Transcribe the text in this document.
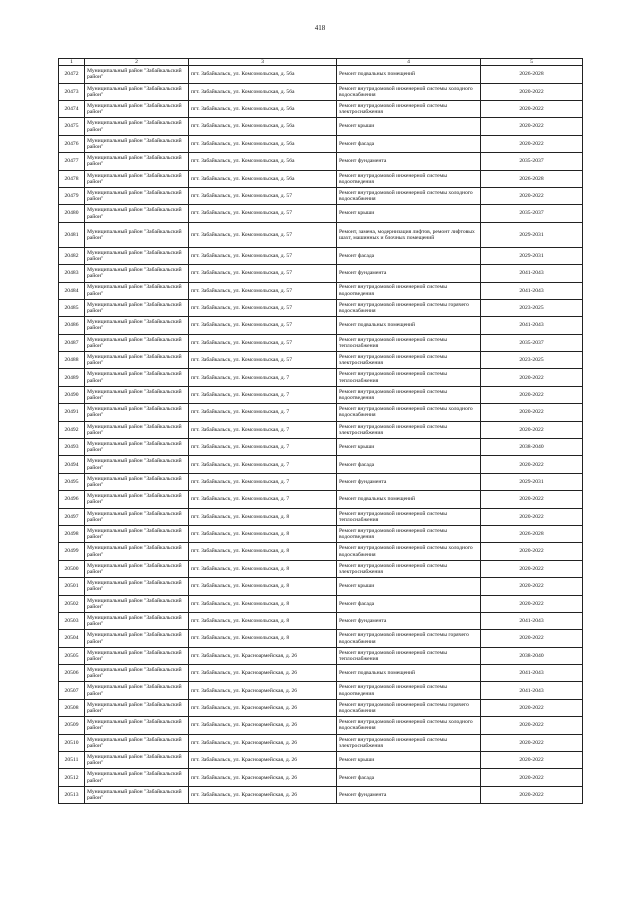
418
1	2	3	4	5
20472	Муниципальный район "Забайкальский район"	пгт. Забайкальск, ул. Комсомольская, д. 56а	Ремонт подвальных помещений	2026-2028
20473	Муниципальный район "Забайкальский район"	пгт. Забайкальск, ул. Комсомольская, д. 56а	Ремонт внутридомовой инженерной системы холодного водоснабжения	2020-2022
20474	Муниципальный район "Забайкальский район"	пгт. Забайкальск, ул. Комсомольская, д. 56а	Ремонт внутридомовой инженерной системы электроснабжения	2020-2022
20475	Муниципальный район "Забайкальский район"	пгт. Забайкальск, ул. Комсомольская, д. 56а	Ремонт крыши	2020-2022
20476	Муниципальный район "Забайкальский район"	пгт. Забайкальск, ул. Комсомольская, д. 56а	Ремонт фасада	2020-2022
20477	Муниципальный район "Забайкальский район"	пгт. Забайкальск, ул. Комсомольская, д. 56а	Ремонт фундамента	2035-2037
20478	Муниципальный район "Забайкальский район"	пгт. Забайкальск, ул. Комсомольская, д. 56а	Ремонт внутридомовой инженерной системы водоотведения	2026-2028
20479	Муниципальный район "Забайкальский район"	пгт. Забайкальск, ул. Комсомольская, д. 57	Ремонт внутридомовой инженерной системы холодного водоснабжения	2020-2022
20480	Муниципальный район "Забайкальский район"	пгт. Забайкальск, ул. Комсомольская, д. 57	Ремонт крыши	2035-2037
20481	Муниципальный район "Забайкальский район"	пгт. Забайкальск, ул. Комсомольская, д. 57	Ремонт, замена, модернизация лифтов, ремонт лифтовых шахт, машинных и блочных помещений	2029-2031
20482	Муниципальный район "Забайкальский район"	пгт. Забайкальск, ул. Комсомольская, д. 57	Ремонт фасада	2029-2031
20483	Муниципальный район "Забайкальский район"	пгт. Забайкальск, ул. Комсомольская, д. 57	Ремонт фундамента	2041-2043
20484	Муниципальный район "Забайкальский район"	пгт. Забайкальск, ул. Комсомольская, д. 57	Ремонт внутридомовой инженерной системы водоотведения	2041-2043
20485	Муниципальный район "Забайкальский район"	пгт. Забайкальск, ул. Комсомольская, д. 57	Ремонт внутридомовой инженерной системы горячего водоснабжения	2023-2025
20486	Муниципальный район "Забайкальский район"	пгт. Забайкальск, ул. Комсомольская, д. 57	Ремонт подвальных помещений	2041-2043
20487	Муниципальный район "Забайкальский район"	пгт. Забайкальск, ул. Комсомольская, д. 57	Ремонт внутридомовой инженерной системы теплоснабжения	2035-2037
20488	Муниципальный район "Забайкальский район"	пгт. Забайкальск, ул. Комсомольская, д. 57	Ремонт внутридомовой инженерной системы электроснабжения	2023-2025
20489	Муниципальный район "Забайкальский район"	пгт. Забайкальск, ул. Комсомольская, д. 7	Ремонт внутридомовой инженерной системы теплоснабжения	2020-2022
20490	Муниципальный район "Забайкальский район"	пгт. Забайкальск, ул. Комсомольская, д. 7	Ремонт внутридомовой инженерной системы водоотведения	2020-2022
20491	Муниципальный район "Забайкальский район"	пгт. Забайкальск, ул. Комсомольская, д. 7	Ремонт внутридомовой инженерной системы холодного водоснабжения	2020-2022
20492	Муниципальный район "Забайкальский район"	пгт. Забайкальск, ул. Комсомольская, д. 7	Ремонт внутридомовой инженерной системы электроснабжения	2020-2022
20493	Муниципальный район "Забайкальский район"	пгт. Забайкальск, ул. Комсомольская, д. 7	Ремонт крыши	2038-2040
20494	Муниципальный район "Забайкальский район"	пгт. Забайкальск, ул. Комсомольская, д. 7	Ремонт фасада	2020-2022
20495	Муниципальный район "Забайкальский район"	пгт. Забайкальск, ул. Комсомольская, д. 7	Ремонт фундамента	2029-2031
20496	Муниципальный район "Забайкальский район"	пгт. Забайкальск, ул. Комсомольская, д. 7	Ремонт подвальных помещений	2020-2022
20497	Муниципальный район "Забайкальский район"	пгт. Забайкальск, ул. Комсомольская, д. 8	Ремонт внутридомовой инженерной системы теплоснабжения	2020-2022
20498	Муниципальный район "Забайкальский район"	пгт. Забайкальск, ул. Комсомольская, д. 8	Ремонт внутридомовой инженерной системы водоотведения	2026-2028
20499	Муниципальный район "Забайкальский район"	пгт. Забайкальск, ул. Комсомольская, д. 8	Ремонт внутридомовой инженерной системы холодного водоснабжения	2020-2022
20500	Муниципальный район "Забайкальский район"	пгт. Забайкальск, ул. Комсомольская, д. 8	Ремонт внутридомовой инженерной системы электроснабжения	2020-2022
20501	Муниципальный район "Забайкальский район"	пгт. Забайкальск, ул. Комсомольская, д. 8	Ремонт крыши	2020-2022
20502	Муниципальный район "Забайкальский район"	пгт. Забайкальск, ул. Комсомольская, д. 8	Ремонт фасада	2020-2022
20503	Муниципальный район "Забайкальский район"	пгт. Забайкальск, ул. Комсомольская, д. 8	Ремонт фундамента	2041-2043
20504	Муниципальный район "Забайкальский район"	пгт. Забайкальск, ул. Комсомольская, д. 8	Ремонт внутридомовой инженерной системы горячего водоснабжения	2020-2022
20505	Муниципальный район "Забайкальский район"	пгт. Забайкальск, ул. Красноармейская, д. 26	Ремонт внутридомовой инженерной системы теплоснабжения	2038-2040
20506	Муниципальный район "Забайкальский район"	пгт. Забайкальск, ул. Красноармейская, д. 26	Ремонт подвальных помещений	2041-2043
20507	Муниципальный район "Забайкальский район"	пгт. Забайкальск, ул. Красноармейская, д. 26	Ремонт внутридомовой инженерной системы водоотведения	2041-2043
20508	Муниципальный район "Забайкальский район"	пгт. Забайкальск, ул. Красноармейская, д. 26	Ремонт внутридомовой инженерной системы горячего водоснабжения	2020-2022
20509	Муниципальный район "Забайкальский район"	пгт. Забайкальск, ул. Красноармейская, д. 26	Ремонт внутридомовой инженерной системы холодного водоснабжения	2020-2022
20510	Муниципальный район "Забайкальский район"	пгт. Забайкальск, ул. Красноармейская, д. 26	Ремонт внутридомовой инженерной системы электроснабжения	2020-2022
20511	Муниципальный район "Забайкальский район"	пгт. Забайкальск, ул. Красноармейская, д. 26	Ремонт крыши	2020-2022
20512	Муниципальный район "Забайкальский район"	пгт. Забайкальск, ул. Красноармейская, д. 26	Ремонт фасада	2020-2022
20513	Муниципальный район "Забайкальский район"	пгт. Забайкальск, ул. Красноармейская, д. 26	Ремонт фундамента	2020-2022
